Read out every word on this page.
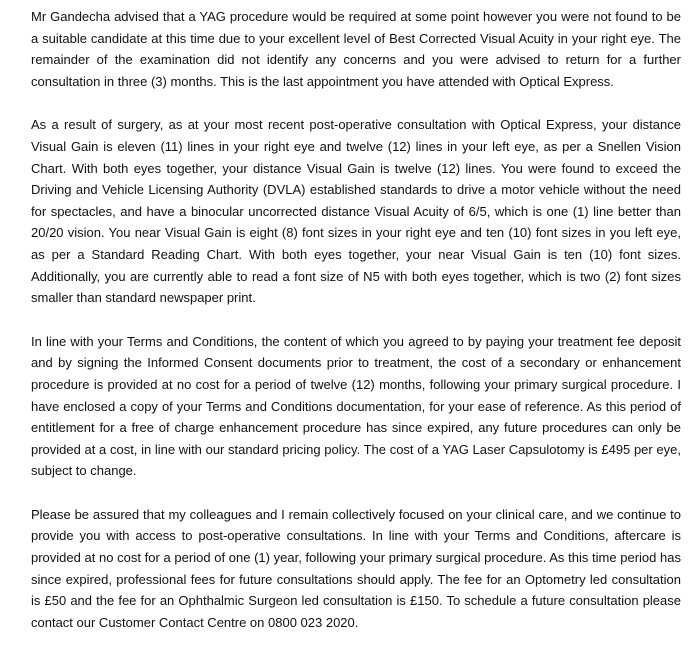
Mr Gandecha advised that a YAG procedure would be required at some point however you were not found to be a suitable candidate at this time due to your excellent level of Best Corrected Visual Acuity in your right eye. The remainder of the examination did not identify any concerns and you were advised to return for a further consultation in three (3) months. This is the last appointment you have attended with Optical Express.

As a result of surgery, as at your most recent post-operative consultation with Optical Express, your distance Visual Gain is eleven (11) lines in your right eye and twelve (12) lines in your left eye, as per a Snellen Vision Chart. With both eyes together, your distance Visual Gain is twelve (12) lines. You were found to exceed the Driving and Vehicle Licensing Authority (DVLA) established standards to drive a motor vehicle without the need for spectacles, and have a binocular uncorrected distance Visual Acuity of 6/5, which is one (1) line better than 20/20 vision. You near Visual Gain is eight (8) font sizes in your right eye and ten (10) font sizes in you left eye, as per a Standard Reading Chart. With both eyes together, your near Visual Gain is ten (10) font sizes. Additionally, you are currently able to read a font size of N5 with both eyes together, which is two (2) font sizes smaller than standard newspaper print.

In line with your Terms and Conditions, the content of which you agreed to by paying your treatment fee deposit and by signing the Informed Consent documents prior to treatment, the cost of a secondary or enhancement procedure is provided at no cost for a period of twelve (12) months, following your primary surgical procedure. I have enclosed a copy of your Terms and Conditions documentation, for your ease of reference. As this period of entitlement for a free of charge enhancement procedure has since expired, any future procedures can only be provided at a cost, in line with our standard pricing policy. The cost of a YAG Laser Capsulotomy is £495 per eye, subject to change.

Please be assured that my colleagues and I remain collectively focused on your clinical care, and we continue to provide you with access to post-operative consultations. In line with your Terms and Conditions, aftercare is provided at no cost for a period of one (1) year, following your primary surgical procedure. As this time period has since expired, professional fees for future consultations should apply. The fee for an Optometry led consultation is £50 and the fee for an Ophthalmic Surgeon led consultation is £150. To schedule a future consultation please contact our Customer Contact Centre on 0800 023 2020.
